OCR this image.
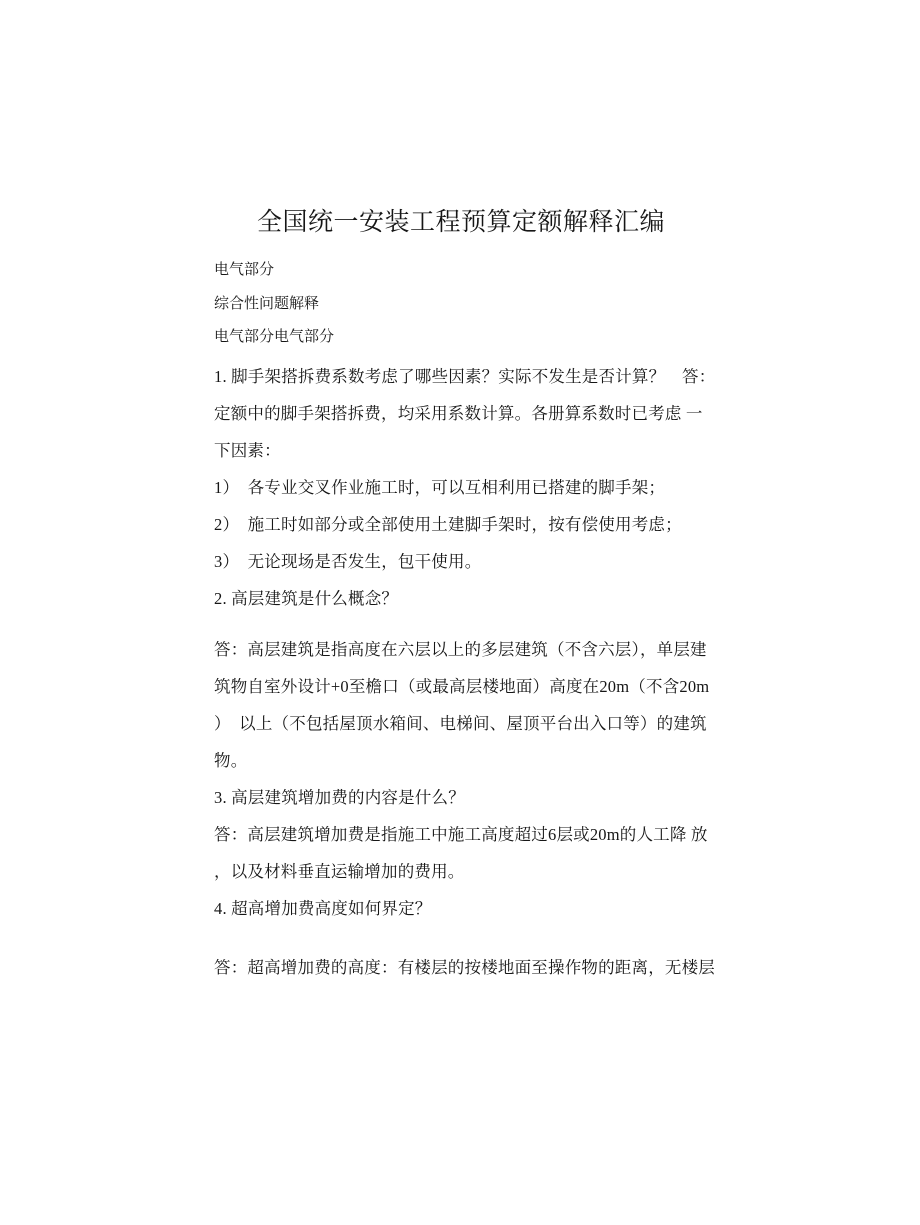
全国统一安装工程预算定额解释汇编
电气部分
综合性问题解释
电气部分电气部分
1. 脚手架搭拆费系数考虑了哪些因素？实际不发生是否计算？　答：
定额中的脚手架搭拆费，均采用系数计算。各册算系数时已考虑 一
下因素：
1）　各专业交叉作业施工时，可以互相利用已搭建的脚手架；
2）　施工时如部分或全部使用土建脚手架时，按有偿使用考虑；
3）　无论现场是否发生，包干使用。
2. 高层建筑是什么概念？
答：高层建筑是指高度在六层以上的多层建筑（不含六层），单层建
筑物自室外设计+0至檐口（或最高层楼地面）高度在20m（不含20m
）　以上（不包括屋顶水箱间、电梯间、屋顶平台出入口等）的建筑
物。
3. 高层建筑增加费的内容是什么？
答：高层建筑增加费是指施工中施工高度超过6层或20m的人工降 放
，以及材料垂直运输增加的费用。
4. 超高增加费高度如何界定？
答：超高增加费的高度：有楼层的按楼地面至操作物的距离，无楼层
